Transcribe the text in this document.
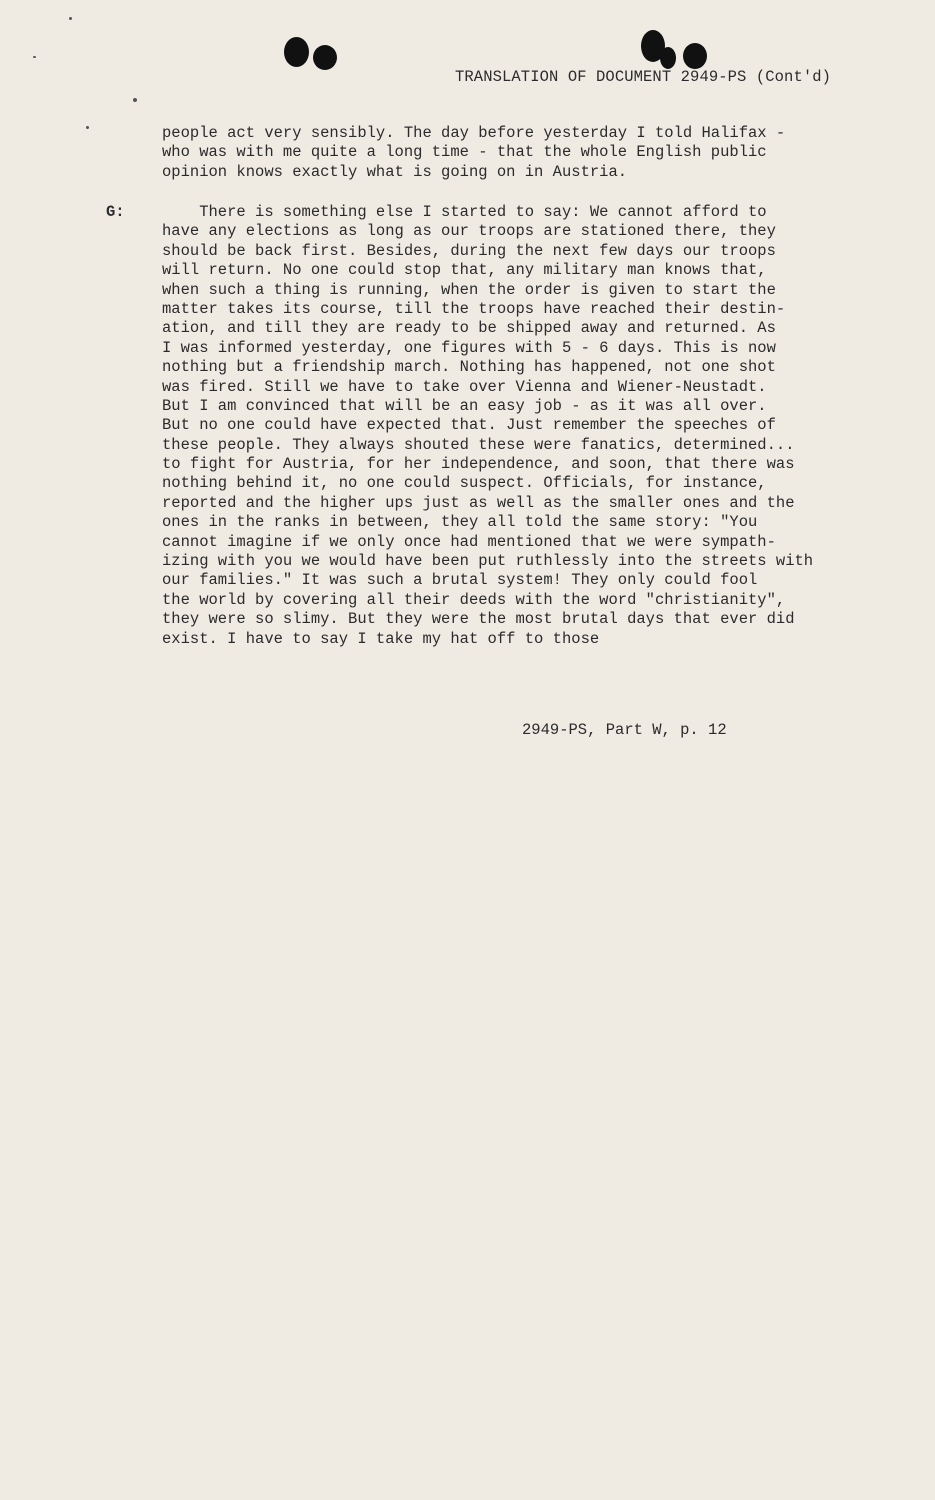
TRANSLATION OF DOCUMENT 2949-PS (Cont'd)
people act very sensibly. The day before yesterday I told Halifax -
who was with me quite a long time - that the whole English public
opinion knows exactly what is going on in Austria.
G: There is something else I started to say: We cannot afford to
have any elections as long as our troops are stationed there, they
should be back first. Besides, during the next few days our troops
will return. No one could stop that, any military man knows that,
when such a thing is running, when the order is given to start the
matter takes its course, till the troops have reached their destin-
ation, and till they are ready to be shipped away and returned. As
I was informed yesterday, one figures with 5 - 6 days. This is now
nothing but a friendship march. Nothing has happened, not one shot
was fired. Still we have to take over Vienna and Wiener-Neustadt.
But I am convinced that will be an easy job - as it was all over.
But no one could have expected that. Just remember the speeches of
these people. They always shouted these were fanatics, determined...
to fight for Austria, for her independence, and soon, that there was
nothing behind it, no one could suspect. Officials, for instance,
reported and the higher ups just as well as the smaller ones and the
ones in the ranks in between, they all told the same story: "You
cannot imagine if we only once had mentioned that we were sympath-
izing with you we would have been put ruthlessly into the streets with
our families." It was such a brutal system! They only could fool
the world by covering all their deeds with the word "christianity",
they were so slimy. But they were the most brutal days that ever did
exist. I have to say I take my hat off to those
2949-PS, Part W, p. 12
